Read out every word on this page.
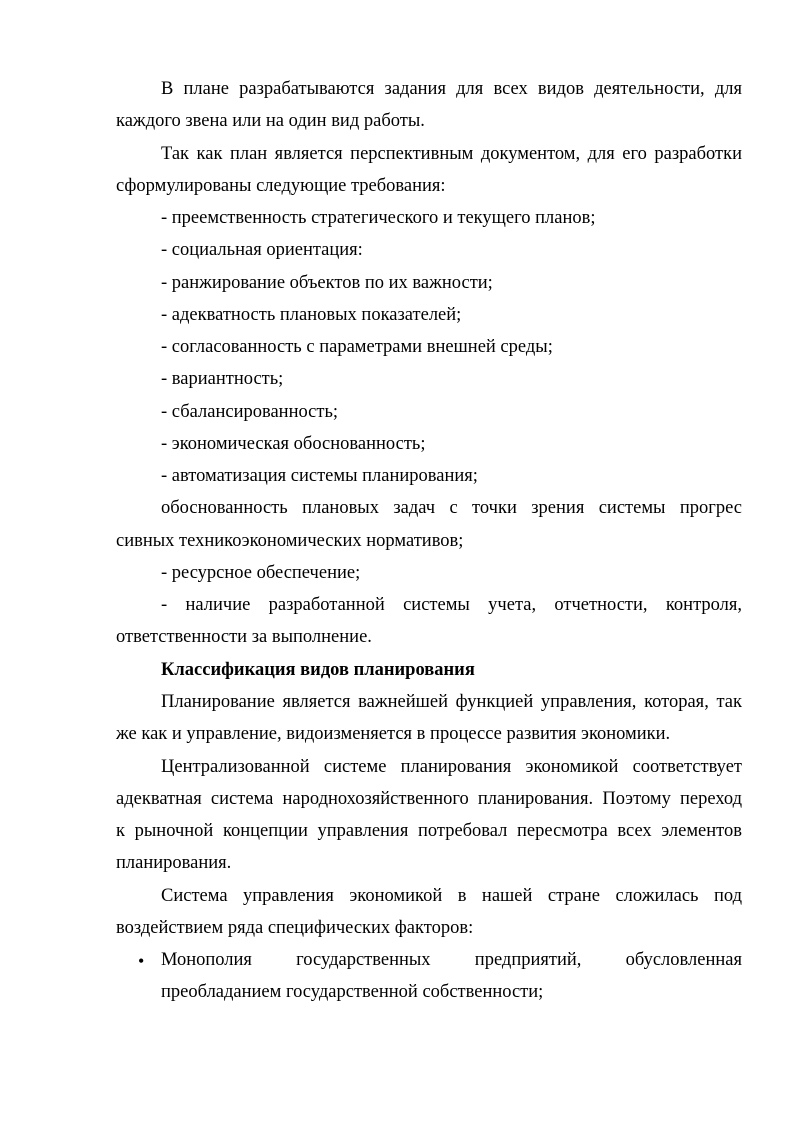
В плане разрабатываются задания для всех видов деятельности, для
каждого звена или на один вид работы.
Так как план является перспективным документом, для его разработки
сформулированы следующие требования:
- преемственность стратегического и текущего планов;
- социальная ориентация:
- ранжирование объектов по их важности;
- адекватность плановых показателей;
- согласованность с параметрами внешней среды;
- вариантность;
- сбалансированность;
- экономическая обоснованность;
- автоматизация системы планирования;
обоснованность плановых задач с точки зрения системы прогрес
сивных техникоэкономических нормативов;
- ресурсное обеспечение;
- наличие разработанной системы учета, отчетности, контроля,
ответственности за выполнение.
Классификация видов планирования
Планирование является важнейшей функцией управления, которая, так
же как и управление, видоизменяется в процессе развития экономики.
Централизованной системе планирования экономикой соответствует
адекватная система народнохозяйственного планирования. Поэтому переход
к рыночной концепции управления потребовал пересмотра всех элементов
планирования.
Система управления экономикой в нашей стране сложилась под
воздействием ряда специфических факторов:
• Монополия государственных предприятий, обусловленная
преобладанием государственной собственности;
